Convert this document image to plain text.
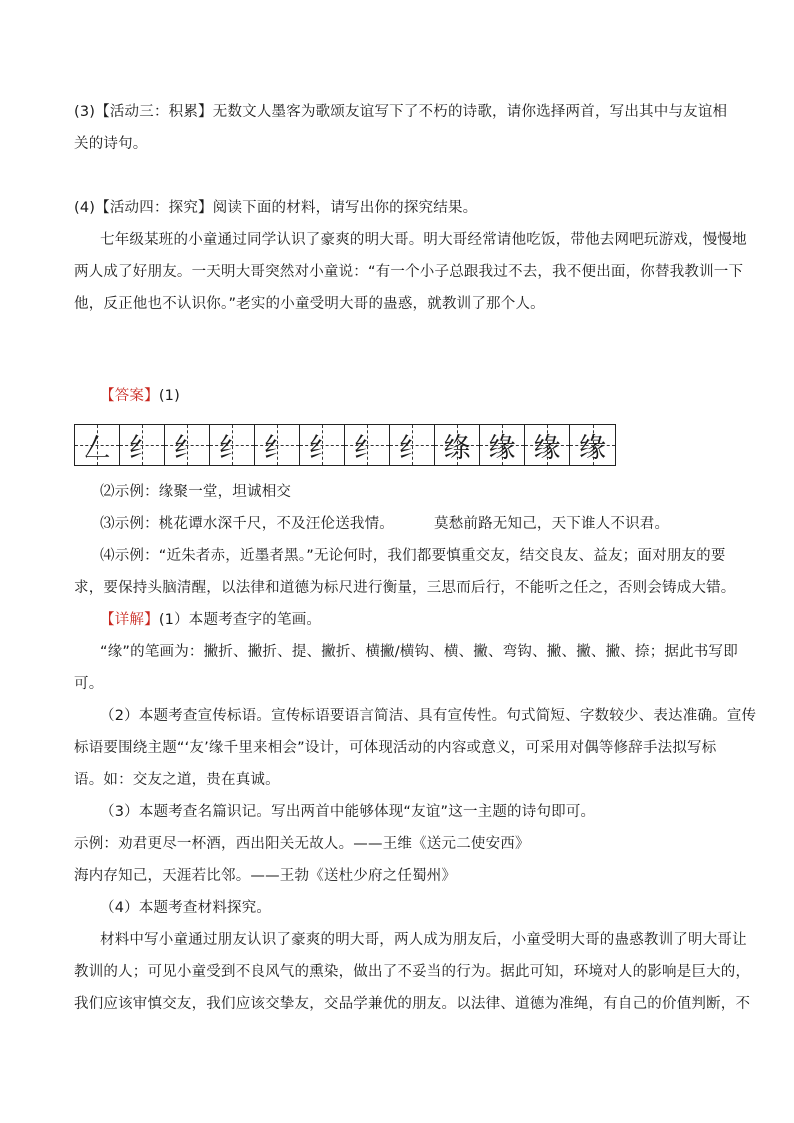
(3)【活动三：积累】无数文人墨客为歌颂友谊写下了不朽的诗歌，请你选择两首，写出其中与友谊相
关的诗句。
(4)【活动四：探究】阅读下面的材料，请写出你的探究结果。
七年级某班的小童通过同学认识了豪爽的明大哥。明大哥经常请他吃饭，带他去网吧玩游戏，慢慢地
两人成了好朋友。一天明大哥突然对小童说：“有一个小子总跟我过不去，我不便出面，你替我教训一下
他，反正他也不认识你。”老实的小童受明大哥的蛊惑，就教训了那个人。
【答案】(1)
𠃋 纟 纟 纟 纟 纟 纟 纟 绦 缘 缘 缘
⑵示例：缘聚一堂，坦诚相交
⑶示例：桃花谭水深千尺，不及汪伦送我情。	莫愁前路无知己，天下谁人不识君。
⑷示例：“近朱者赤，近墨者黑。”无论何时，我们都要慎重交友，结交良友、益友；面对朋友的要
求，要保持头脑清醒，以法律和道德为标尺进行衡量，三思而后行，不能听之任之，否则会铸成大错。
【详解】(1）本题考查字的笔画。
“缘”的笔画为：撇折、撇折、提、撇折、横撇/横钩、横、撇、弯钩、撇、撇、撇、捺；据此书写即
可。
（2）本题考查宣传标语。宣传标语要语言简洁、具有宣传性。句式简短、字数较少、表达准确。宣传
标语要围绕主题“‘友’缘千里来相会”设计，可体现活动的内容或意义，可采用对偶等修辞手法拟写标
语。如：交友之道，贵在真诚。
（3）本题考查名篇识记。写出两首中能够体现“友谊”这一主题的诗句即可。
示例：劝君更尽一杯酒，西出阳关无故人。——王维《送元二使安西》
海内存知己，天涯若比邻。——王勃《送杜少府之任蜀州》
（4）本题考查材料探究。
材料中写小童通过朋友认识了豪爽的明大哥，两人成为朋友后，小童受明大哥的蛊惑教训了明大哥让
教训的人；可见小童受到不良风气的熏染，做出了不妥当的行为。据此可知，环境对人的影响是巨大的，
我们应该审慎交友，我们应该交挚友，交品学兼优的朋友。以法律、道德为准绳，有自己的价值判断，不
